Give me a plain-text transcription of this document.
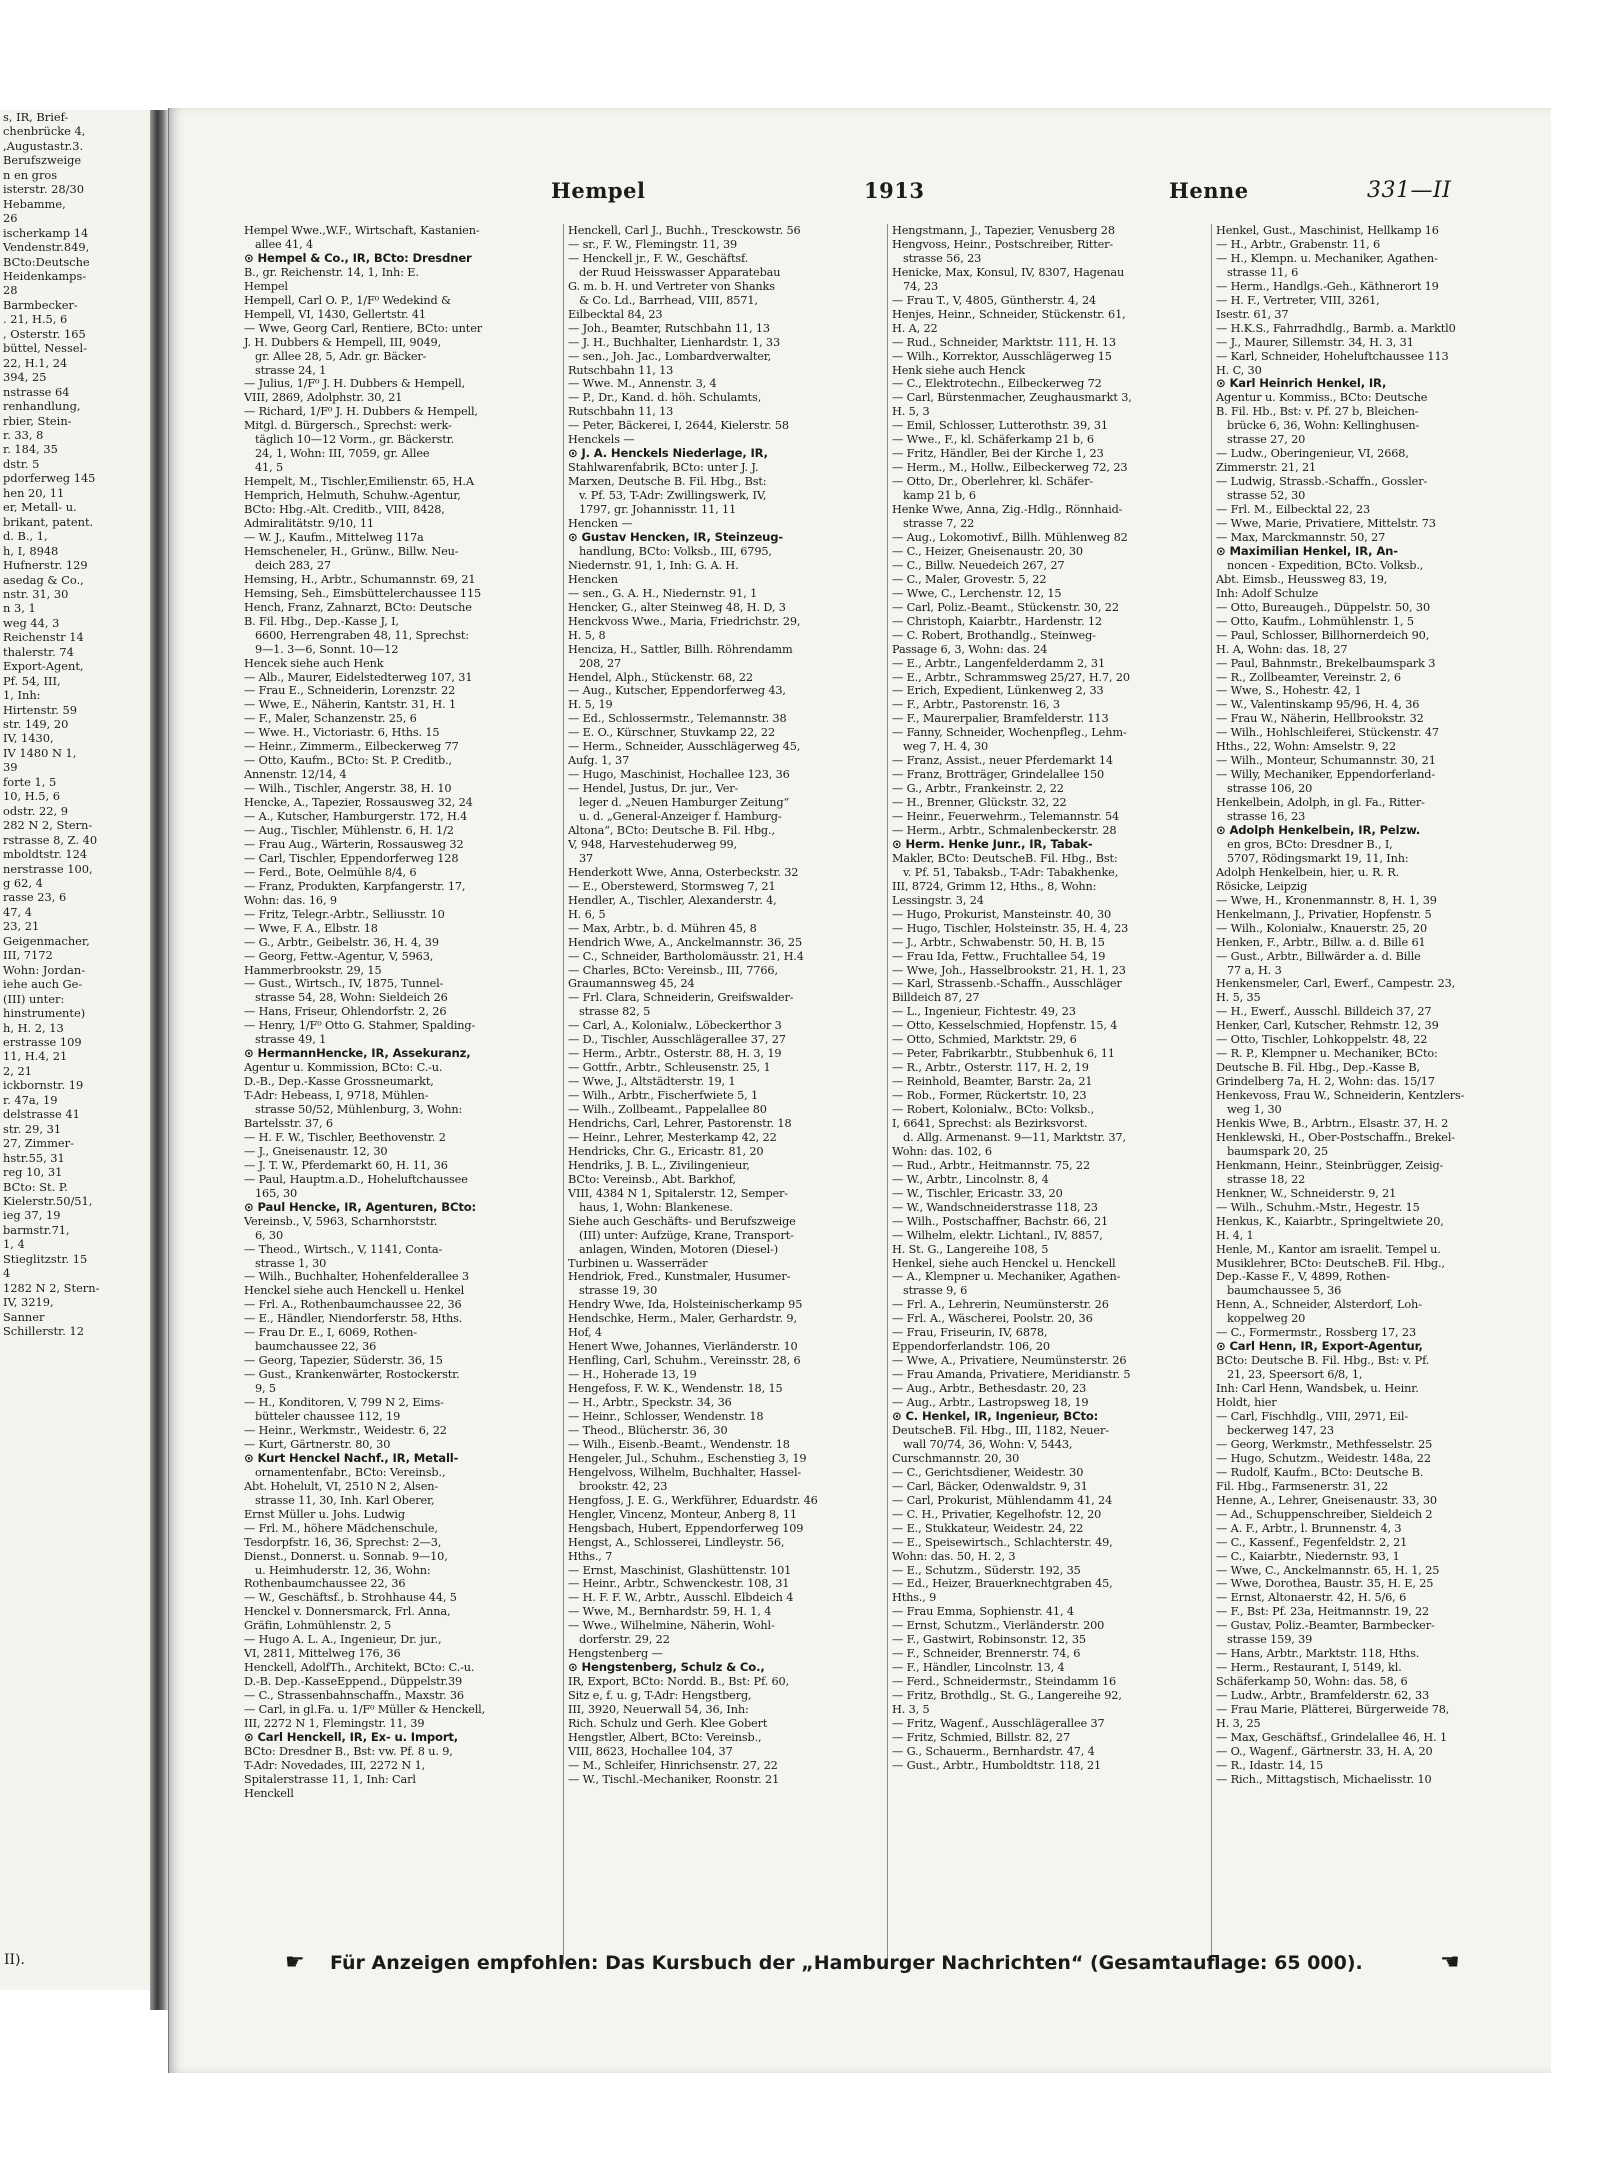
s, IR, Brief-
chenbrücke 4,
,Augustastr.3.
Berufszweige
n en gros
isterstr. 28/30
Hebamme,
26
ischerkamp 14
Vendenstr.849,
BCto:Deutsche
Heidenkamps-
28
Barmbecker-
. 21, H.5, 6
, Osterstr. 165
büttel, Nessel-
22, H.1, 24
394, 25
nstrasse 64
renhandlung,
rbier, Stein-
r. 33, 8
r. 184, 35
dstr. 5
pdorferweg 145
hen 20, 11
er, Metall- u.
brikant, patent.
d. B., 1,
h, I, 8948
Hufnerstr. 129
asedag & Co.,
nstr. 31, 30
n 3, 1
weg 44, 3
Reichenstr 14
thalerstr. 74
Export-Agent,
Pf. 54, III,
1, Inh:
Hirtenstr. 59
str. 149, 20
IV, 1430,
IV 1480 N 1,
39
forte 1, 5
10, H.5, 6
odstr. 22, 9
282 N 2, Stern-
rstrasse 8, Z. 40
mboldtstr. 124
nerstrasse 100,
g 62, 4
rasse 23, 6
47, 4
23, 21
Geigenmacher,
III, 7172
Wohn: Jordan-
iehe auch Ge-
(III) unter:
hinstrumente)
h, H. 2, 13
erstrasse 109
11, H.4, 21
2, 21
ickbornstr. 19
r. 47a, 19
delstrasse 41
str. 29, 31
27, Zimmer-
hstr.55, 31
reg 10, 31
BCto: St. P.
Kielerstr.50/51,
ieg 37, 19
barmstr.71,
1, 4
Stieglitzstr. 15
4
1282 N 2, Stern-
IV, 3219,
Sanner
Schillerstr. 12
II).
Hempel	1913	Henne	331—II
Hempel Wwe.,W.F., Wirtschaft, Kastanien-
allee 41, 4
⊙ Hempel & Co., IR, BCto: Dresdner
B., gr. Reichenstr. 14, 1, Inh: E.
Hempel
Hempell, Carl O. P., 1/F⁰ Wedekind &
Hempell, VI, 1430, Gellertstr. 41
— Wwe, Georg Carl, Rentiere, BCto: unter
J. H. Dubbers & Hempell, III, 9049,
gr. Allee 28, 5, Adr. gr. Bäcker-
strasse 24, 1
— Julius, 1/F⁰ J. H. Dubbers & Hempell,
VIII, 2869, Adolphstr. 30, 21
— Richard, 1/F⁰ J. H. Dubbers & Hempell,
Mitgl. d. Bürgersch., Sprechst: werk-
täglich 10—12 Vorm., gr. Bäckerstr.
24, 1, Wohn: III, 7059, gr. Allee
41, 5
Hempelt, M., Tischler,Emilienstr. 65, H.A
Hemprich, Helmuth, Schuhw.-Agentur,
BCto: Hbg.-Alt. Creditb., VIII, 8428,
Admiralitätstr. 9/10, 11
— W. J., Kaufm., Mittelweg 117a
Hemscheneler, H., Grünw., Billw. Neu-
deich 283, 27
Hemsing, H., Arbtr., Schumannstr. 69, 21
Hemsing, Seh., Eimsbüttelerchaussee 115
Hench, Franz, Zahnarzt, BCto: Deutsche
B. Fil. Hbg., Dep.-Kasse J, I,
6600, Herrengraben 48, 11, Sprechst:
9—1. 3—6, Sonnt. 10—12
Hencek siehe auch Henk
— Alb., Maurer, Eidelstedterweg 107, 31
— Frau E., Schneiderin, Lorenzstr. 22
— Wwe, E., Näherin, Kantstr. 31, H. 1
— F., Maler, Schanzenstr. 25, 6
— Wwe. H., Victoriastr. 6, Hths. 15
— Heinr., Zimmerm., Eilbeckerweg 77
— Otto, Kaufm., BCto: St. P. Creditb.,
Annenstr. 12/14, 4
— Wilh., Tischler, Angerstr. 38, H. 10
Hencke, A., Tapezier, Rossausweg 32, 24
— A., Kutscher, Hamburgerstr. 172, H.4
— Aug., Tischler, Mühlenstr. 6, H. 1/2
— Frau Aug., Wärterin, Rossausweg 32
— Carl, Tischler, Eppendorferweg 128
— Ferd., Bote, Oelmühle 8/4, 6
— Franz, Produkten, Karpfangerstr. 17,
Wohn: das. 16, 9
— Fritz, Telegr.-Arbtr., Selliusstr. 10
— Wwe, F. A., Elbstr. 18
— G., Arbtr., Geibelstr. 36, H. 4, 39
— Georg, Fettw.-Agentur, V, 5963,
Hammerbrookstr. 29, 15
— Gust., Wirtsch., IV, 1875, Tunnel-
strasse 54, 28, Wohn: Sieldeich 26
— Hans, Friseur, Ohlendorfstr. 2, 26
— Henry, 1/F⁰ Otto G. Stahmer, Spalding-
strasse 49, 1
⊙ HermannHencke, IR, Assekuranz,
Agentur u. Kommission, BCto: C.-u.
D.-B., Dep.-Kasse Grossneumarkt,
T-Adr: Hebeass, I, 9718, Mühlen-
strasse 50/52, Mühlenburg, 3, Wohn:
Bartelsstr. 37, 6
— H. F. W., Tischler, Beethovenstr. 2
— J., Gneisenaustr. 12, 30
— J. T. W., Pferdemarkt 60, H. 11, 36
— Paul, Hauptm.a.D., Hoheluftchaussee
165, 30
⊙ Paul Hencke, IR, Agenturen, BCto:
Vereinsb., V, 5963, Scharnhorststr.
6, 30
— Theod., Wirtsch., V, 1141, Conta-
strasse 1, 30
— Wilh., Buchhalter, Hohenfelderallee 3
Henckel siehe auch Henckell u. Henkel
— Frl. A., Rothenbaumchaussee 22, 36
— E., Händler, Niendorferstr. 58, Hths.
— Frau Dr. E., I, 6069, Rothen-
baumchaussee 22, 36
— Georg, Tapezier, Süderstr. 36, 15
— Gust., Krankenwärter, Rostockerstr.
9, 5
— H., Konditoren, V, 799 N 2, Eims-
bütteler chaussee 112, 19
— Heinr., Werkmstr., Weidestr. 6, 22
— Kurt, Gärtnerstr. 80, 30
⊙ Kurt Henckel Nachf., IR, Metall-
ornamentenfabr., BCto: Vereinsb.,
Abt. Hohelult, VI, 2510 N 2, Alsen-
strasse 11, 30, Inh. Karl Oberer,
Ernst Müller u. Johs. Ludwig
— Frl. M., höhere Mädchenschule,
Tesdorpfstr. 16, 36, Sprechst: 2—3,
Dienst., Donnerst. u. Sonnab. 9—10,
u. Heimhuderstr. 12, 36, Wohn:
Rothenbaumchaussee 22, 36
— W., Geschäftsf., b. Strohhause 44, 5
Henckel v. Donnersmarck, Frl. Anna,
Gräfin, Lohmühlenstr. 2, 5
— Hugo A. L. A., Ingenieur, Dr. jur.,
VI, 2811, Mittelweg 176, 36
Henckell, AdolfTh., Architekt, BCto: C.-u.
D.-B. Dep.-KasseEppend., Düppelstr.39
— C., Strassenbahnschaffn., Maxstr. 36
— Carl, in gl.Fa. u. 1/F⁰ Müller & Henckell,
III, 2272 N 1, Flemingstr. 11, 39
⊙ Carl Henckell, IR, Ex- u. Import,
BCto: Dresdner B., Bst: vw. Pf. 8 u. 9,
T-Adr: Novedades, III, 2272 N 1,
Spitalerstrasse 11, 1, Inh: Carl
Henckell
Henckell, Carl J., Buchh., Tresckowstr. 56
— sr., F. W., Flemingstr. 11, 39
— Henckell jr., F. W., Geschäftsf.
der Ruud Heisswasser Apparatebau
G. m. b. H. und Vertreter von Shanks
& Co. Ld., Barrhead, VIII, 8571,
Eilbecktal 84, 23
— Joh., Beamter, Rutschbahn 11, 13
— J. H., Buchhalter, Lienhardstr. 1, 33
— sen., Joh. Jac., Lombardverwalter,
Rutschbahn 11, 13
— Wwe. M., Annenstr. 3, 4
— P., Dr., Kand. d. höh. Schulamts,
Rutschbahn 11, 13
— Peter, Bäckerei, I, 2644, Kielerstr. 58
Henckels —
⊙ J. A. Henckels Niederlage, IR,
Stahlwarenfabrik, BCto: unter J. J.
Marxen, Deutsche B. Fil. Hbg., Bst:
v. Pf. 53, T-Adr: Zwillingswerk, IV,
1797, gr. Johannisstr. 11, 11
Hencken —
⊙ Gustav Hencken, IR, Steinzeug-
handlung, BCto: Volksb., III, 6795,
Niedernstr. 91, 1, Inh: G. A. H.
Hencken
— sen., G. A. H., Niedernstr. 91, 1
Hencker, G., alter Steinweg 48, H. D, 3
Henckvoss Wwe., Maria, Friedrichstr. 29,
H. 5, 8
Henciza, H., Sattler, Billh. Röhrendamm
208, 27
Hendel, Alph., Stückenstr. 68, 22
— Aug., Kutscher, Eppendorferweg 43,
H. 5, 19
— Ed., Schlossermstr., Telemannstr. 38
— E. O., Kürschner, Stuvkamp 22, 22
— Herm., Schneider, Ausschlägerweg 45,
Aufg. 1, 37
— Hugo, Maschinist, Hochallee 123, 36
— Hendel, Justus, Dr. jur., Ver-
leger d. „Neuen Hamburger Zeitung“
u. d. „General-Anzeiger f. Hamburg-
Altona“, BCto: Deutsche B. Fil. Hbg.,
V, 948, Harvestehuderweg 99,
37
Henderkott Wwe, Anna, Osterbeckstr. 32
— E., Oberstewerd, Stormsweg 7, 21
Hendler, A., Tischler, Alexanderstr. 4,
H. 6, 5
— Max, Arbtr., b. d. Mühren 45, 8
Hendrich Wwe, A., Anckelmannstr. 36, 25
— C., Schneider, Bartholomäusstr. 21, H.4
— Charles, BCto: Vereinsb., III, 7766,
Graumannsweg 45, 24
— Frl. Clara, Schneiderin, Greifswalder-
strasse 82, 5
— Carl, A., Kolonialw., Löbeckerthor 3
— D., Tischler, Ausschlägerallee 37, 27
— Herm., Arbtr., Osterstr. 88, H. 3, 19
— Gottfr., Arbtr., Schleusenstr. 25, 1
— Wwe, J., Altstädterstr. 19, 1
— Wilh., Arbtr., Fischerfwiete 5, 1
— Wilh., Zollbeamt., Pappelallee 80
Hendrichs, Carl, Lehrer, Pastorenstr. 18
— Heinr., Lehrer, Mesterkamp 42, 22
Hendricks, Chr. G., Ericastr. 81, 20
Hendriks, J. B. L., Zivilingenieur,
BCto: Vereinsb., Abt. Barkhof,
VIII, 4384 N 1, Spitalerstr. 12, Semper-
haus, 1, Wohn: Blankenese.
Siehe auch Geschäfts- und Berufszweige
(III) unter: Aufzüge, Krane, Transport-
anlagen, Winden, Motoren (Diesel-)
Turbinen u. Wasserräder
Hendriok, Fred., Kunstmaler, Husumer-
strasse 19, 30
Hendry Wwe, Ida, Holsteinischerkamp 95
Hendschke, Herm., Maler, Gerhardstr. 9,
Hof, 4
Henert Wwe, Johannes, Vierländerstr. 10
Henfling, Carl, Schuhm., Vereinsstr. 28, 6
— H., Hoherade 13, 19
Hengefoss, F. W. K., Wendenstr. 18, 15
— H., Arbtr., Speckstr. 34, 36
— Heinr., Schlosser, Wendenstr. 18
— Theod., Blücherstr. 36, 30
— Wilh., Eisenb.-Beamt., Wendenstr. 18
Hengeler, Jul., Schuhm., Eschenstieg 3, 19
Hengelvoss, Wilhelm, Buchhalter, Hassel-
brookstr. 42, 23
Hengfoss, J. E. G., Werkführer, Eduardstr. 46
Hengler, Vincenz, Monteur, Anberg 8, 11
Hengsbach, Hubert, Eppendorferweg 109
Hengst, A., Schlosserei, Lindleystr. 56,
Hths., 7
— Ernst, Maschinist, Glashüttenstr. 101
— Heinr., Arbtr., Schwenckestr. 108, 31
— H. F. F. W., Arbtr., Ausschl. Elbdeich 4
— Wwe, M., Bernhardstr. 59, H. 1, 4
— Wwe., Wilhelmine, Näherin, Wohl-
dorferstr. 29, 22
Hengstenberg —
⊙ Hengstenberg, Schulz & Co.,
IR, Export, BCto: Nordd. B., Bst: Pf. 60,
Sitz e, f. u. g, T-Adr: Hengstberg,
III, 3920, Neuerwall 54, 36, Inh:
Rich. Schulz und Gerh. Klee Gobert
Hengstler, Albert, BCto: Vereinsb.,
VIII, 8623, Hochallee 104, 37
— M., Schleifer, Hinrichsenstr. 27, 22
— W., Tischl.-Mechaniker, Roonstr. 21
Hengstmann, J., Tapezier, Venusberg 28
Hengvoss, Heinr., Postschreiber, Ritter-
strasse 56, 23
Henicke, Max, Konsul, IV, 8307, Hagenau
74, 23
— Frau T., V, 4805, Güntherstr. 4, 24
Henjes, Heinr., Schneider, Stückenstr. 61,
H. A, 22
— Rud., Schneider, Marktstr. 111, H. 13
— Wilh., Korrektor, Ausschlägerweg 15
Henk siehe auch Henck
— C., Elektrotechn., Eilbeckerweg 72
— Carl, Bürstenmacher, Zeughausmarkt 3,
H. 5, 3
— Emil, Schlosser, Lutterothstr. 39, 31
— Wwe., F., kl. Schäferkamp 21 b, 6
— Fritz, Händler, Bei der Kirche 1, 23
— Herm., M., Hollw., Eilbeckerweg 72, 23
— Otto, Dr., Oberlehrer, kl. Schäfer-
kamp 21 b, 6
Henke Wwe, Anna, Zig.-Hdlg., Rönnhaid-
strasse 7, 22
— Aug., Lokomotivf., Billh. Mühlenweg 82
— C., Heizer, Gneisenaustr. 20, 30
— C., Billw. Neuedeich 267, 27
— C., Maler, Grovestr. 5, 22
— Wwe, C., Lerchenstr. 12, 15
— Carl, Poliz.-Beamt., Stückenstr. 30, 22
— Christoph, Kaiarbtr., Hardenstr. 12
— C. Robert, Brothandlg., Steinweg-
Passage 6, 3, Wohn: das. 24
— E., Arbtr., Langenfelderdamm 2, 31
— E., Arbtr., Schrammsweg 25/27, H.7, 20
— Erich, Expedient, Lünkenweg 2, 33
— F., Arbtr., Pastorenstr. 16, 3
— F., Maurerpalier, Bramfelderstr. 113
— Fanny, Schneider, Wochenpfleg., Lehm-
weg 7, H. 4, 30
— Franz, Assist., neuer Pferdemarkt 14
— Franz, Brotträger, Grindelallee 150
— G., Arbtr., Frankeinstr. 2, 22
— H., Brenner, Glückstr. 32, 22
— Heinr., Feuerwehrm., Telemannstr. 54
— Herm., Arbtr., Schmalenbeckerstr. 28
⊙ Herm. Henke Junr., IR, Tabak-
Makler, BCto: DeutscheB. Fil. Hbg., Bst:
v. Pf. 51, Tabaksb., T-Adr: Tabakhenke,
III, 8724, Grimm 12, Hths., 8, Wohn:
Lessingstr. 3, 24
— Hugo, Prokurist, Mansteinstr. 40, 30
— Hugo, Tischler, Holsteinstr. 35, H. 4, 23
— J., Arbtr., Schwabenstr. 50, H. B, 15
— Frau Ida, Fettw., Fruchtallee 54, 19
— Wwe, Joh., Hasselbrookstr. 21, H. 1, 23
— Karl, Strassenb.-Schaffn., Ausschläger
Billdeich 87, 27
— L., Ingenieur, Fichtestr. 49, 23
— Otto, Kesselschmied, Hopfenstr. 15, 4
— Otto, Schmied, Marktstr. 29, 6
— Peter, Fabrikarbtr., Stubbenhuk 6, 11
— R., Arbtr., Osterstr. 117, H. 2, 19
— Reinhold, Beamter, Barstr. 2a, 21
— Rob., Former, Rückertstr. 10, 23
— Robert, Kolonialw., BCto: Volksb.,
I, 6641, Sprechst: als Bezirksvorst.
d. Allg. Armenanst. 9—11, Marktstr. 37,
Wohn: das. 102, 6
— Rud., Arbtr., Heitmannstr. 75, 22
— W., Arbtr., Lincolnstr. 8, 4
— W., Tischler, Ericastr. 33, 20
— W., Wandschneiderstrasse 118, 23
— Wilh., Postschaffner, Bachstr. 66, 21
— Wilhelm, elektr. Lichtanl., IV, 8857,
H. St. G., Langereihe 108, 5
Henkel, siehe auch Henckel u. Henckell
— A., Klempner u. Mechaniker, Agathen-
strasse 9, 6
— Frl. A., Lehrerin, Neumünsterstr. 26
— Frl. A., Wäscherei, Poolstr. 20, 36
— Frau, Friseurin, IV, 6878,
Eppendorferlandstr. 106, 20
— Wwe, A., Privatiere, Neumünsterstr. 26
— Frau Amanda, Privatiere, Meridianstr. 5
— Aug., Arbtr., Bethesdastr. 20, 23
— Aug., Arbtr., Lastropsweg 18, 19
⊙ C. Henkel, IR, Ingenieur, BCto:
DeutscheB. Fil. Hbg., III, 1182, Neuer-
wall 70/74, 36, Wohn: V, 5443,
Curschmannstr. 20, 30
— C., Gerichtsdiener, Weidestr. 30
— Carl, Bäcker, Odenwaldstr. 9, 31
— Carl, Prokurist, Mühlendamm 41, 24
— C. H., Privatier, Kegelhofstr. 12, 20
— E., Stukkateur, Weidestr. 24, 22
— E., Speisewirtsch., Schlachterstr. 49,
Wohn: das. 50, H. 2, 3
— E., Schutzm., Süderstr. 192, 35
— Ed., Heizer, Brauerknechtgraben 45,
Hths., 9
— Frau Emma, Sophienstr. 41, 4
— Ernst, Schutzm., Vierländerstr. 200
— F., Gastwirt, Robinsonstr. 12, 35
— F., Schneider, Brennerstr. 74, 6
— F., Händler, Lincolnstr. 13, 4
— Ferd., Schneidermstr., Steindamm 16
— Fritz, Brothdlg., St. G., Langereihe 92,
H. 3, 5
— Fritz, Wagenf., Ausschlägerallee 37
— Fritz, Schmied, Billstr. 82, 27
— G., Schauerm., Bernhardstr. 47, 4
— Gust., Arbtr., Humboldtstr. 118, 21
Henkel, Gust., Maschinist, Hellkamp 16
— H., Arbtr., Grabenstr. 11, 6
— H., Klempn. u. Mechaniker, Agathen-
strasse 11, 6
— Herm., Handlgs.-Geh., Käthnerort 19
— H. F., Vertreter, VIII, 3261,
Isestr. 61, 37
— H.K.S., Fahrradhdlg., Barmb. a. Marktl0
— J., Maurer, Sillemstr. 34, H. 3, 31
— Karl, Schneider, Hoheluftchaussee 113
H. C, 30
⊙ Karl Heinrich Henkel, IR,
Agentur u. Kommiss., BCto: Deutsche
B. Fil. Hb., Bst: v. Pf. 27 b, Bleichen-
brücke 6, 36, Wohn: Kellinghusen-
strasse 27, 20
— Ludw., Oberingenieur, VI, 2668,
Zimmerstr. 21, 21
— Ludwig, Strassb.-Schaffn., Gossler-
strasse 52, 30
— Frl. M., Eilbecktal 22, 23
— Wwe, Marie, Privatiere, Mittelstr. 73
— Max, Marckmannstr. 50, 27
⊙ Maximilian Henkel, IR, An-
noncen - Expedition, BCto. Volksb.,
Abt. Eimsb., Heussweg 83, 19,
Inh: Adolf Schulze
— Otto, Bureaugeh., Düppelstr. 50, 30
— Otto, Kaufm., Lohmühlenstr. 1, 5
— Paul, Schlosser, Billhornerdeich 90,
H. A, Wohn: das. 18, 27
— Paul, Bahnmstr., Brekelbaumspark 3
— R., Zollbeamter, Vereinstr. 2, 6
— Wwe, S., Hohestr. 42, 1
— W., Valentinskamp 95/96, H. 4, 36
— Frau W., Näherin, Hellbrookstr. 32
— Wilh., Hohlschleiferei, Stückenstr. 47
Hths., 22, Wohn: Amselstr. 9, 22
— Wilh., Monteur, Schumannstr. 30, 21
— Willy, Mechaniker, Eppendorferland-
strasse 106, 20
Henkelbein, Adolph, in gl. Fa., Ritter-
strasse 16, 23
⊙ Adolph Henkelbein, IR, Pelzw.
en gros, BCto: Dresdner B., I,
5707, Rödingsmarkt 19, 11, Inh:
Adolph Henkelbein, hier, u. R. R.
Rösicke, Leipzig
— Wwe, H., Kronenmannstr. 8, H. 1, 39
Henkelmann, J., Privatier, Hopfenstr. 5
— Wilh., Kolonialw., Knauerstr. 25, 20
Henken, F., Arbtr., Billw. a. d. Bille 61
— Gust., Arbtr., Billwärder a. d. Bille
77 a, H. 3
Henkensmeler, Carl, Ewerf., Campestr. 23,
H. 5, 35
— H., Ewerf., Ausschl. Billdeich 37, 27
Henker, Carl, Kutscher, Rehmstr. 12, 39
— Otto, Tischler, Lohkoppelstr. 48, 22
— R. P., Klempner u. Mechaniker, BCto:
Deutsche B. Fil. Hbg., Dep.-Kasse B,
Grindelberg 7a, H. 2, Wohn: das. 15/17
Henkevoss, Frau W., Schneiderin, Kentzlers-
weg 1, 30
Henkis Wwe, B., Arbtrn., Elsastr. 37, H. 2
Henklewski, H., Ober-Postschaffn., Brekel-
baumspark 20, 25
Henkmann, Heinr., Steinbrügger, Zeisig-
strasse 18, 22
Henkner, W., Schneiderstr. 9, 21
— Wilh., Schuhm.-Mstr., Hegestr. 15
Henkus, K., Kaiarbtr., Springeltwiete 20,
H. 4, 1
Henle, M., Kantor am israelit. Tempel u.
Musiklehrer, BCto: DeutscheB. Fil. Hbg.,
Dep.-Kasse F., V, 4899, Rothen-
baumchaussee 5, 36
Henn, A., Schneider, Alsterdorf, Loh-
koppelweg 20
— C., Formermstr., Rossberg 17, 23
⊙ Carl Henn, IR, Export-Agentur,
BCto: Deutsche B. Fil. Hbg., Bst: v. Pf.
21, 23, Speersort 6/8, 1,
Inh: Carl Henn, Wandsbek, u. Heinr.
Holdt, hier
— Carl, Fischhdlg., VIII, 2971, Eil-
beckerweg 147, 23
— Georg, Werkmstr., Methfesselstr. 25
— Hugo, Schutzm., Weidestr. 148a, 22
— Rudolf, Kaufm., BCto: Deutsche B.
Fil. Hbg., Farmsenerstr. 31, 22
Henne, A., Lehrer, Gneisenaustr. 33, 30
— Ad., Schuppenschreiber, Sieldeich 2
— A. F., Arbtr., l. Brunnenstr. 4, 3
— C., Kassenf., Fegenfeldstr. 2, 21
— C., Kaiarbtr., Niedernstr. 93, 1
— Wwe, C., Anckelmannstr. 65, H. 1, 25
— Wwe, Dorothea, Baustr. 35, H. E, 25
— Ernst, Altonaerstr. 42, H. 5/6, 6
— F., Bst: Pf. 23a, Heitmannstr. 19, 22
— Gustav, Poliz.-Beamter, Barmbecker-
strasse 159, 39
— Hans, Arbtr., Marktstr. 118, Hths.
— Herm., Restaurant, I, 5149, kl.
Schäferkamp 50, Wohn: das. 58, 6
— Ludw., Arbtr., Bramfelderstr. 62, 33
— Frau Marie, Plätterei, Bürgerweide 78,
H. 3, 25
— Max, Geschäftsf., Grindelallee 46, H. 1
— O., Wagenf., Gärtnerstr. 33, H. A, 20
— R., Idastr. 14, 15
— Rich., Mittagstisch, Michaelisstr. 10
☛ Für Anzeigen empfohlen: Das Kursbuch der „Hamburger Nachrichten“ (Gesamtauflage: 65 000).	☛
